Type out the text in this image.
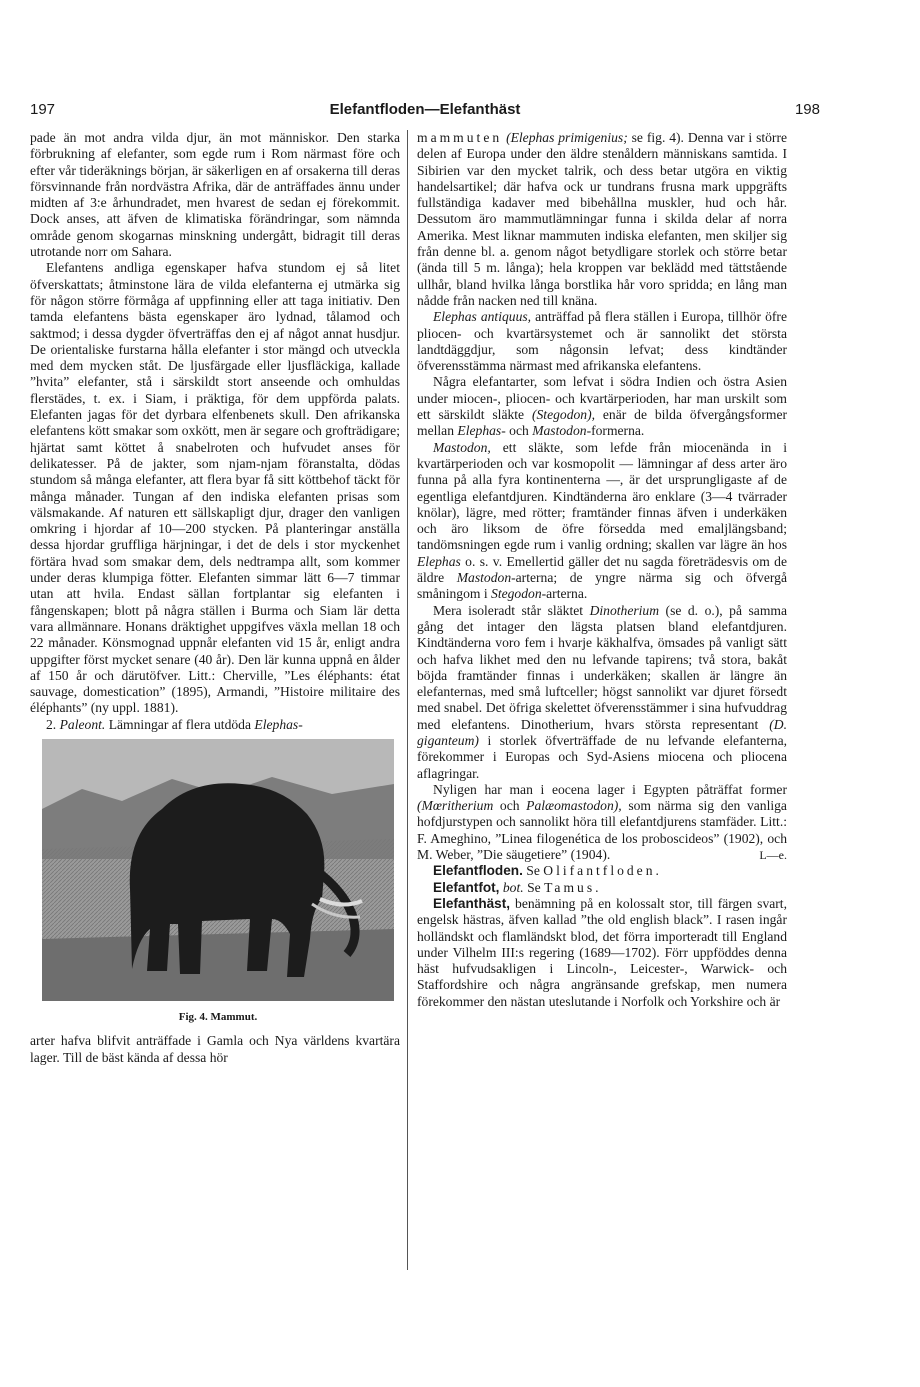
197	Elefantfloden—Elefanthäst	198

pade än mot andra vilda djur, än mot människor. Den starka förbrukning af elefanter, som egde rum i Rom närmast före och efter vår tideräknings början, är säkerligen en af orsakerna till deras försvinnande från nordvästra Afrika, där de anträffades ännu under midten af 3:e århundradet, men hvarest de sedan ej förekommit. Dock anses, att äfven de klimatiska förändringar, som nämnda område genom skogarnas minskning undergått, bidragit till deras utrotande norr om Sahara.

Elefantens andliga egenskaper hafva stundom ej så litet öfverskattats; åtminstone lära de vilda elefanterna ej utmärka sig för någon större förmåga af uppfinning eller att taga initiativ. Den tamda elefantens bästa egenskaper äro lydnad, tålamod och saktmod; i dessa dygder öfverträffas den ej af något annat husdjur. De orientaliske furstarna hålla elefanter i stor mängd och utveckla med dem mycken ståt. De ljusfärgade eller ljusfläckiga, kallade ”hvita” elefanter, stå i särskildt stort anseende och omhuldas flerstädes, t. ex. i Siam, i präktiga, för dem uppförda palats. Elefanten jagas för det dyrbara elfenbenets skull. Den afrikanska elefantens kött smakar som oxkött, men är segare och grofträdigare; hjärtat samt köttet å snabelroten och hufvudet anses för delikatesser. På de jakter, som njam-njam föranstalta, dödas stundom så många elefanter, att flera byar få sitt köttbehof täckt för många månader. Tungan af den indiska elefanten prisas som välsmakande. Af naturen ett sällskapligt djur, drager den vanligen omkring i hjordar af 10—200 stycken. På planteringar anställa dessa hjordar gruffliga härjningar, i det de dels i stor myckenhet förtära hvad som smakar dem, dels nedtrampa allt, som kommer under deras klumpiga fötter. Elefanten simmar lätt 6—7 timmar utan att hvila. Endast sällan fortplantar sig elefanten i fångenskapen; blott på några ställen i Burma och Siam lär detta vara allmännare. Honans dräktighet uppgifves växla mellan 18 och 22 månader. Könsmognad uppnår elefanten vid 15 år, enligt andra uppgifter först mycket senare (40 år). Den lär kunna uppnå en ålder af 150 år och därutöfver. Litt.: Cherville, ”Les éléphants: état sauvage, domestication” (1895), Armandi, ”Histoire militaire des éléphants” (ny uppl. 1881).

2. Paleont. Lämningar af flera utdöda Elephas-

Fig. 4. Mammut.

arter hafva blifvit anträffade i Gamla och Nya världens kvartära lager. Till de bäst kända af dessa hör

mammuten (Elephas primigenius; se fig. 4). Denna var i större delen af Europa under den äldre stenåldern människans samtida. I Sibirien var den mycket talrik, och dess betar utgöra en viktig handelsartikel; där hafva ock ur tundrans frusna mark uppgräfts fullständiga kadaver med bibehållna muskler, hud och hår. Dessutom äro mammutlämningar funna i skilda delar af norra Amerika. Mest liknar mammuten indiska elefanten, men skiljer sig från denne bl. a. genom något betydligare storlek och större betar (ända till 5 m. långa); hela kroppen var beklädd med tättstående ullhår, bland hvilka långa borstlika hår voro spridda; en lång man nådde från nacken ned till knäna.

Elephas antiquus, anträffad på flera ställen i Europa, tillhör öfre pliocen- och kvartärsystemet och är sannolikt det största landtdäggdjur, som någonsin lefvat; dess kindtänder öfverensstämma närmast med afrikanska elefantens.

Några elefantarter, som lefvat i södra Indien och östra Asien under miocen-, pliocen- och kvartärperioden, har man urskilt som ett särskildt släkte (Stegodon), enär de bilda öfvergångsformer mellan Elephas- och Mastodon-formerna.

Mastodon, ett släkte, som lefde från miocenända in i kvartärperioden och var kosmopolit — lämningar af dess arter äro funna på alla fyra kontinenterna —, är det ursprungligaste af de egentliga elefantdjuren. Kindtänderna äro enklare (3—4 tvärrader knölar), lägre, med rötter; framtänder finnas äfven i underkäken och äro liksom de öfre försedda med emaljlängsband; tandömsningen egde rum i vanlig ordning; skallen var lägre än hos Elephas o. s. v. Emellertid gäller det nu sagda företrädesvis om de äldre Mastodon-arterna; de yngre närma sig och öfvergå småningom i Stegodon-arterna.

Mera isoleradt står släktet Dinotherium (se d. o.), på samma gång det intager den lägsta platsen bland elefantdjuren. Kindtänderna voro fem i hvarje käkhalfva, ömsades på vanligt sätt och hafva likhet med den nu lefvande tapirens; två stora, bakåt böjda framtänder finnas i underkäken; skallen är längre än elefanternas, med små luftceller; högst sannolikt var djuret försedt med snabel. Det öfriga skelettet öfverensstämmer i sina hufvuddrag med elefantens. Dinotherium, hvars största representant (D. giganteum) i storlek öfverträffade de nu lefvande elefanterna, förekommer i Europas och Syd-Asiens miocena och pliocena aflagringar.

Nyligen har man i eocena lager i Egypten påträffat former (Mœritherium och Palæomastodon), som närma sig den vanliga hofdjurstypen och sannolikt höra till elefantdjurens stamfäder. Litt.: F. Ameghino, ”Linea filogenética de los proboscideos” (1902), och M. Weber, ”Die säugetiere” (1904).	L—e.

Elefantfloden. Se Olifantfloden.

Elefantfot, bot. Se Tamus.

Elefanthäst, benämning på en kolossalt stor, till färgen svart, engelsk hästras, äfven kallad ”the old english black”. I rasen ingår holländskt och flamländskt blod, det förra importeradt till England under Vilhelm III:s regering (1689—1702). Förr uppföddes denna häst hufvudsakligen i Lincoln-, Leicester-, Warwick- och Staffordshire och några angränsande grefskap, men numera förekommer den nästan uteslutande i Norfolk och Yorkshire och är
